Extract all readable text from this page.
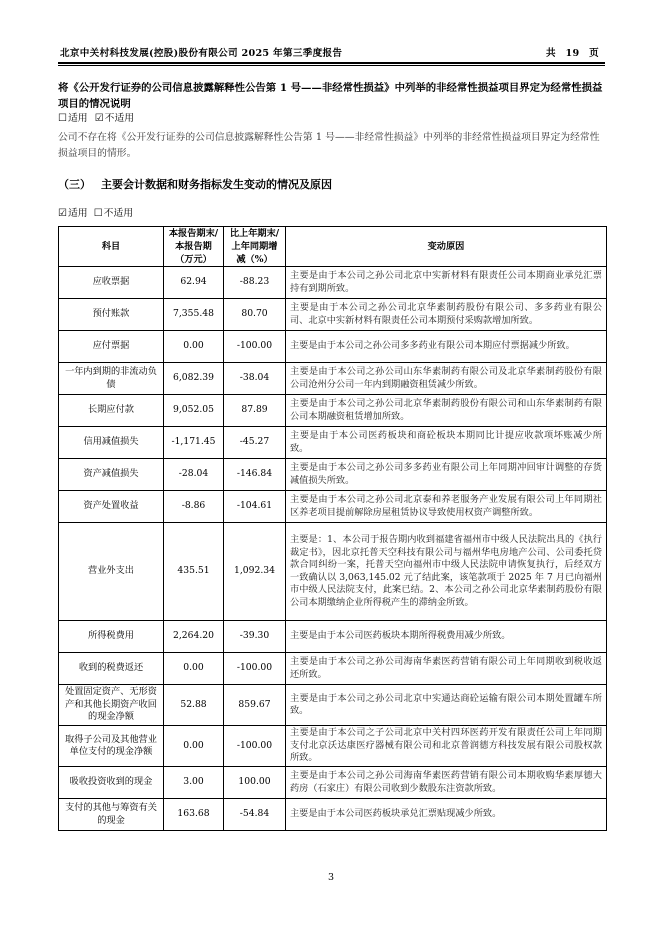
北京中关村科技发展(控股)股份有限公司 2025 年第三季度报告	共 19 页
将《公开发行证券的公司信息披露解释性公告第 1 号——非经常性损益》中列举的非经常性损益项目界定为经常性损益项目的情况说明
☐适用 ☑不适用
公司不存在将《公开发行证券的公司信息披露解释性公告第 1 号——非经常性损益》中列举的非经常性损益项目界定为经常性损益项目的情形。
（三） 主要会计数据和财务指标发生变动的情况及原因
☑适用 ☐不适用
科目	本报告期末/本报告期（万元）	比上年期末/上年同期增减（%）	变动原因
应收票据	62.94	-88.23	主要是由于本公司之孙公司北京中实新材料有限责任公司本期商业承兑汇票持有到期所致。
预付账款	7,355.48	80.70	主要是由于本公司之孙公司北京华素制药股份有限公司、多多药业有限公司、北京中实新材料有限责任公司本期预付采购款增加所致。
应付票据	0.00	-100.00	主要是由于本公司之孙公司多多药业有限公司本期应付票据减少所致。
一年内到期的非流动负债	6,082.39	-38.04	主要是由于本公司之孙公司山东华素制药有限公司及北京华素制药股份有限公司沧州分公司一年内到期融资租赁减少所致。
长期应付款	9,052.05	87.89	主要是由于本公司之孙公司北京华素制药股份有限公司和山东华素制药有限公司本期融资租赁增加所致。
信用减值损失	-1,171.45	-45.27	主要是由于本公司医药板块和商砼板块本期同比计提应收款项坏账减少所致。
资产减值损失	-28.04	-146.84	主要是由于本公司之孙公司多多药业有限公司上年同期冲回审计调整的存货减值损失所致。
资产处置收益	-8.86	-104.61	主要是由于本公司之孙公司北京泰和养老服务产业发展有限公司上年同期社区养老项目提前解除房屋租赁协议导致使用权资产调整所致。
营业外支出	435.51	1,092.34	主要是：1、本公司于报告期内收到福建省福州市中级人民法院出具的《执行裁定书》，因北京托普天空科技有限公司与福州华电房地产公司、公司委托贷款合同纠纷一案，托普天空向福州市中级人民法院申请恢复执行，后经双方一致确认以 3,063,145.02 元了结此案，该笔款项于 2025 年 7 月已向福州市中级人民法院支付，此案已结。2、本公司之孙公司北京华素制药股份有限公司本期缴纳企业所得税产生的滞纳金所致。
所得税费用	2,264.20	-39.30	主要是由于本公司医药板块本期所得税费用减少所致。
收到的税费返还	0.00	-100.00	主要是由于本公司之孙公司海南华素医药营销有限公司上年同期收到税收返还所致。
处置固定资产、无形资产和其他长期资产收回的现金净额	52.88	859.67	主要是由于本公司之孙公司北京中实通达商砼运输有限公司本期处置罐车所致。
取得子公司及其他营业单位支付的现金净额	0.00	-100.00	主要是由于本公司之子公司北京中关村四环医药开发有限责任公司上年同期支付北京沃达康医疗器械有限公司和北京普润德方科技发展有限公司股权款所致。
吸收投资收到的现金	3.00	100.00	主要是由于本公司之孙公司海南华素医药营销有限公司本期收购华素厚德大药房（石家庄）有限公司收到少数股东注资款所致。
支付的其他与筹资有关的现金	163.68	-54.84	主要是由于本公司医药板块承兑汇票贴现减少所致。
3
